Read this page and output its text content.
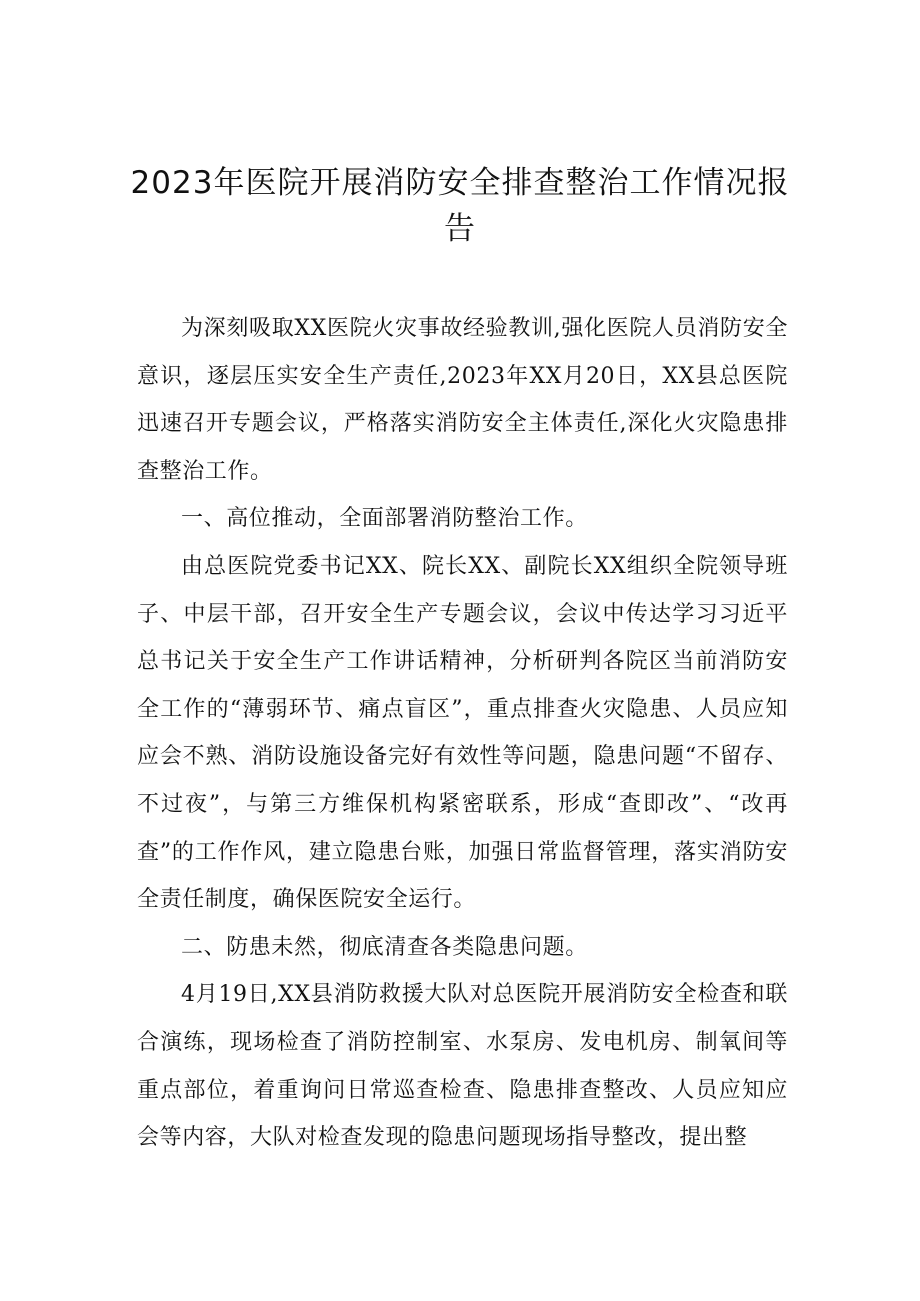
2023年医院开展消防安全排查整治工作情况报告

为深刻吸取XX医院火灾事故经验教训,强化医院人员消防安全意识，逐层压实安全生产责任,2023年XX月20日，XX县总医院迅速召开专题会议，严格落实消防安全主体责任,深化火灾隐患排查整治工作。

一、高位推动，全面部署消防整治工作。

由总医院党委书记XX、院长XX、副院长XX组织全院领导班子、中层干部，召开安全生产专题会议，会议中传达学习习近平总书记关于安全生产工作讲话精神，分析研判各院区当前消防安全工作的“薄弱环节、痛点盲区”，重点排查火灾隐患、人员应知应会不熟、消防设施设备完好有效性等问题，隐患问题“不留存、不过夜”，与第三方维保机构紧密联系，形成“查即改”、“改再查”的工作作风，建立隐患台账，加强日常监督管理，落实消防安全责任制度，确保医院安全运行。

二、防患未然，彻底清查各类隐患问题。

4月19日,XX县消防救援大队对总医院开展消防安全检查和联合演练，现场检查了消防控制室、水泵房、发电机房、制氧间等重点部位，着重询问日常巡查检查、隐患排查整改、人员应知应会等内容，大队对检查发现的隐患问题现场指导整改，提出整
